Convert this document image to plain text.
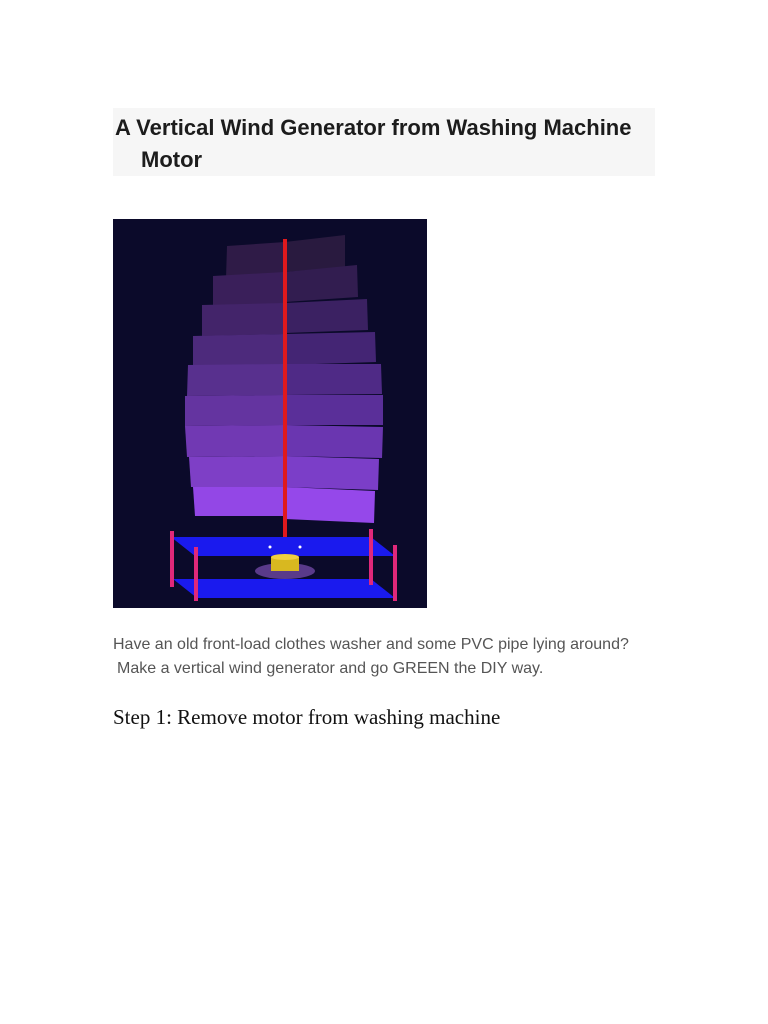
A Vertical Wind Generator from Washing Machine
Motor

Have an old front-load clothes washer and some PVC pipe lying around?
Make a vertical wind generator and go GREEN the DIY way.

Step 1: Remove motor from washing machine
